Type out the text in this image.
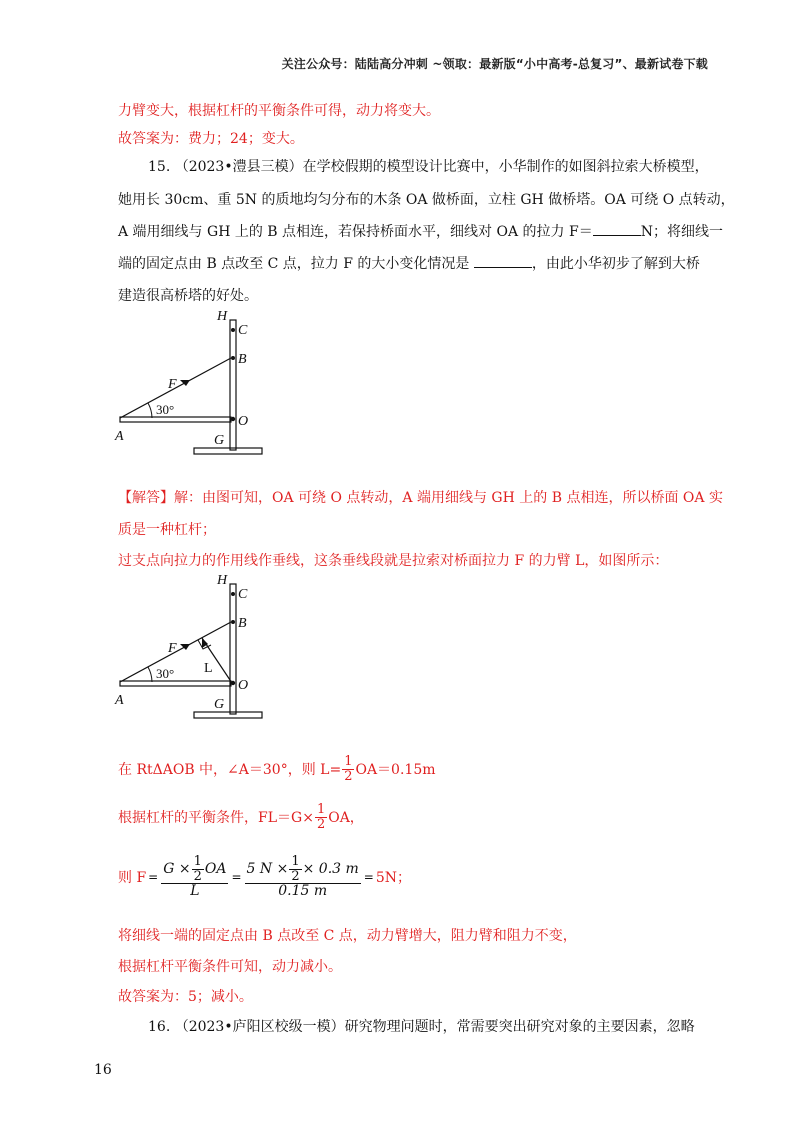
关注公众号：陆陆高分冲刺 ~领取：最新版“小中高考-总复习”、最新试卷下载
力臂变大，根据杠杆的平衡条件可得，动力将变大。
故答案为：费力；24；变大。
15. （2023•澧县三模）在学校假期的模型设计比赛中，小华制作的如图斜拉索大桥模型，
她用长 30cm、重 5N 的质地均匀分布的木条 OA 做桥面，立柱 GH 做桥塔。OA 可绕 O 点转动，
A 端用细线与 GH 上的 B 点相连，若保持桥面水平，细线对 OA 的拉力 F＝	N；将细线一
端的固定点由 B 点改至 C 点，拉力 F 的大小变化情况是	，由此小华初步了解到大桥
建造很高桥塔的好处。
H
C
B
O
A	G
F
30°
【解答】解：由图可知，OA 可绕 O 点转动，A 端用细线与 GH 上的 B 点相连，所以桥面 OA 实
质是一种杠杆；
过支点向拉力的作用线作垂线，这条垂线段就是拉索对桥面拉力 F 的力臂 L，如图所示：
H
C
B
O
A	G
F
L
30°
在 RtΔAOB 中，∠A＝30°，则 $L= \frac{1}{2} OA=0.15m$
根据杠杆的平衡条件，$FL=G\times \frac{1}{2}$ OA，
则 $F = \frac{G \times \frac{1}{2} OA}{L} = \frac{5 N \times \frac{1}{2} \times 0.3 m}{0.15 m} = 5N$；
将细线一端的固定点由 B 点改至 C 点，动力臂增大，阻力臂和阻力不变，
根据杠杆平衡条件可知，动力减小。
故答案为：5；减小。
16. （2023•庐阳区校级一模）研究物理问题时，常需要突出研究对象的主要因素，忽略
16
